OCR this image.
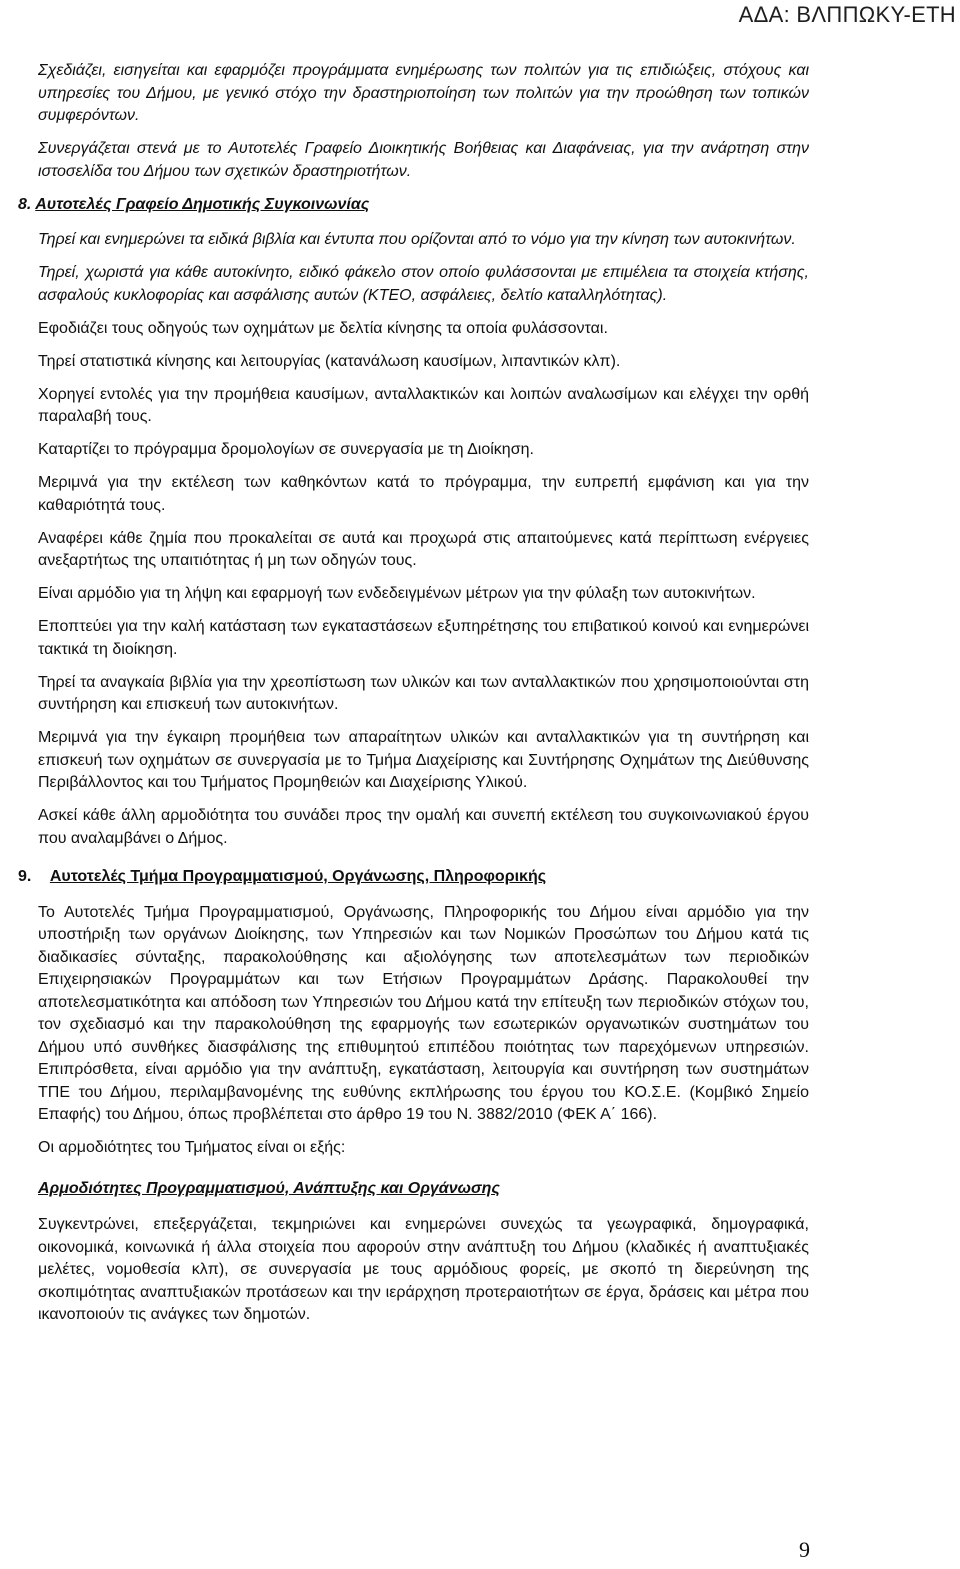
ΑΔΑ: ΒΛΠΠΩΚΥ-ΕΤΗ

Σχεδιάζει, εισηγείται και εφαρμόζει προγράμματα ενημέρωσης των πολιτών για τις επιδιώξεις, στόχους και υπηρεσίες του Δήμου, με γενικό στόχο την δραστηριοποίηση των πολιτών για την προώθηση των τοπικών συμφερόντων.

Συνεργάζεται στενά με το Αυτοτελές Γραφείο Διοικητικής Βοήθειας και Διαφάνειας, για την ανάρτηση στην ιστοσελίδα του Δήμου των σχετικών δραστηριοτήτων.

8. Αυτοτελές Γραφείο Δημοτικής Συγκοινωνίας

Τηρεί και ενημερώνει τα ειδικά βιβλία και έντυπα που ορίζονται από το νόμο για την κίνηση των αυτοκινήτων.

Τηρεί, χωριστά για κάθε αυτοκίνητο, ειδικό φάκελο στον οποίο φυλάσσονται με επιμέλεια τα στοιχεία κτήσης, ασφαλούς κυκλοφορίας και ασφάλισης αυτών (ΚΤΕΟ, ασφάλειες, δελτίο καταλληλότητας).

Εφοδιάζει τους οδηγούς των οχημάτων με δελτία κίνησης τα οποία φυλάσσονται.

Τηρεί στατιστικά κίνησης και λειτουργίας (κατανάλωση καυσίμων, λιπαντικών κλπ).

Χορηγεί εντολές για την προμήθεια καυσίμων, ανταλλακτικών και λοιπών αναλωσίμων και ελέγχει την ορθή παραλαβή τους.

Καταρτίζει το πρόγραμμα δρομολογίων σε συνεργασία με τη Διοίκηση.

Μεριμνά για την εκτέλεση των καθηκόντων κατά το πρόγραμμα, την ευπρεπή εμφάνιση και για την καθαριότητά τους.

Αναφέρει κάθε ζημία που προκαλείται σε αυτά και προχωρά στις απαιτούμενες κατά περίπτωση ενέργειες ανεξαρτήτως της υπαιτιότητας ή μη των οδηγών τους.

Είναι αρμόδιο για τη λήψη και εφαρμογή των ενδεδειγμένων μέτρων για την φύλαξη των αυτοκινήτων.

Εποπτεύει για την καλή κατάσταση των εγκαταστάσεων εξυπηρέτησης του επιβατικού κοινού και ενημερώνει τακτικά τη διοίκηση.

Τηρεί τα αναγκαία βιβλία για την χρεοπίστωση των υλικών και των ανταλλακτικών που χρησιμοποιούνται στη συντήρηση και επισκευή των αυτοκινήτων.

Μεριμνά για την έγκαιρη προμήθεια των απαραίτητων υλικών και ανταλλακτικών για τη συντήρηση και επισκευή των οχημάτων σε συνεργασία με το Τμήμα Διαχείρισης και Συντήρησης Οχημάτων της Διεύθυνσης Περιβάλλοντος και του Τμήματος Προμηθειών και Διαχείρισης Υλικού.

Ασκεί κάθε άλλη αρμοδιότητα του συνάδει προς την ομαλή και συνεπή εκτέλεση του συγκοινωνιακού έργου που αναλαμβάνει ο Δήμος.

9. Αυτοτελές Τμήμα Προγραμματισμού, Οργάνωσης, Πληροφορικής

Το Αυτοτελές Τμήμα Προγραμματισμού, Οργάνωσης, Πληροφορικής του Δήμου είναι αρμόδιο για την υποστήριξη των οργάνων Διοίκησης, των Υπηρεσιών και των Νομικών Προσώπων του Δήμου κατά τις διαδικασίες σύνταξης, παρακολούθησης και αξιολόγησης των αποτελεσμάτων των περιοδικών Επιχειρησιακών Προγραμμάτων και των Ετήσιων Προγραμμάτων Δράσης. Παρακολουθεί την αποτελεσματικότητα και απόδοση των Υπηρεσιών του Δήμου κατά την επίτευξη των περιοδικών στόχων του, τον σχεδιασμό και την παρακολούθηση της εφαρμογής των εσωτερικών οργανωτικών συστημάτων του Δήμου υπό συνθήκες διασφάλισης της επιθυμητού επιπέδου ποιότητας των παρεχόμενων υπηρεσιών. Επιπρόσθετα, είναι αρμόδιο για την ανάπτυξη, εγκατάσταση, λειτουργία και συντήρηση των συστημάτων ΤΠΕ του Δήμου, περιλαμβανομένης της ευθύνης εκπλήρωσης του έργου του ΚΟ.Σ.Ε. (Κομβικό Σημείο Επαφής) του Δήμου, όπως προβλέπεται στο άρθρο 19 του Ν. 3882/2010 (ΦΕΚ Α΄ 166).

Οι αρμοδιότητες του Τμήματος είναι οι εξής:

Αρμοδιότητες Προγραμματισμού, Ανάπτυξης και Οργάνωσης

Συγκεντρώνει, επεξεργάζεται, τεκμηριώνει και ενημερώνει συνεχώς τα γεωγραφικά, δημογραφικά, οικονομικά, κοινωνικά ή άλλα στοιχεία που αφορούν στην ανάπτυξη του Δήμου (κλαδικές ή αναπτυξιακές μελέτες, νομοθεσία κλπ), σε συνεργασία με τους αρμόδιους φορείς, με σκοπό τη διερεύνηση της σκοπιμότητας αναπτυξιακών προτάσεων και την ιεράρχηση προτεραιοτήτων σε έργα, δράσεις και μέτρα που ικανοποιούν τις ανάγκες των δημοτών.

9
